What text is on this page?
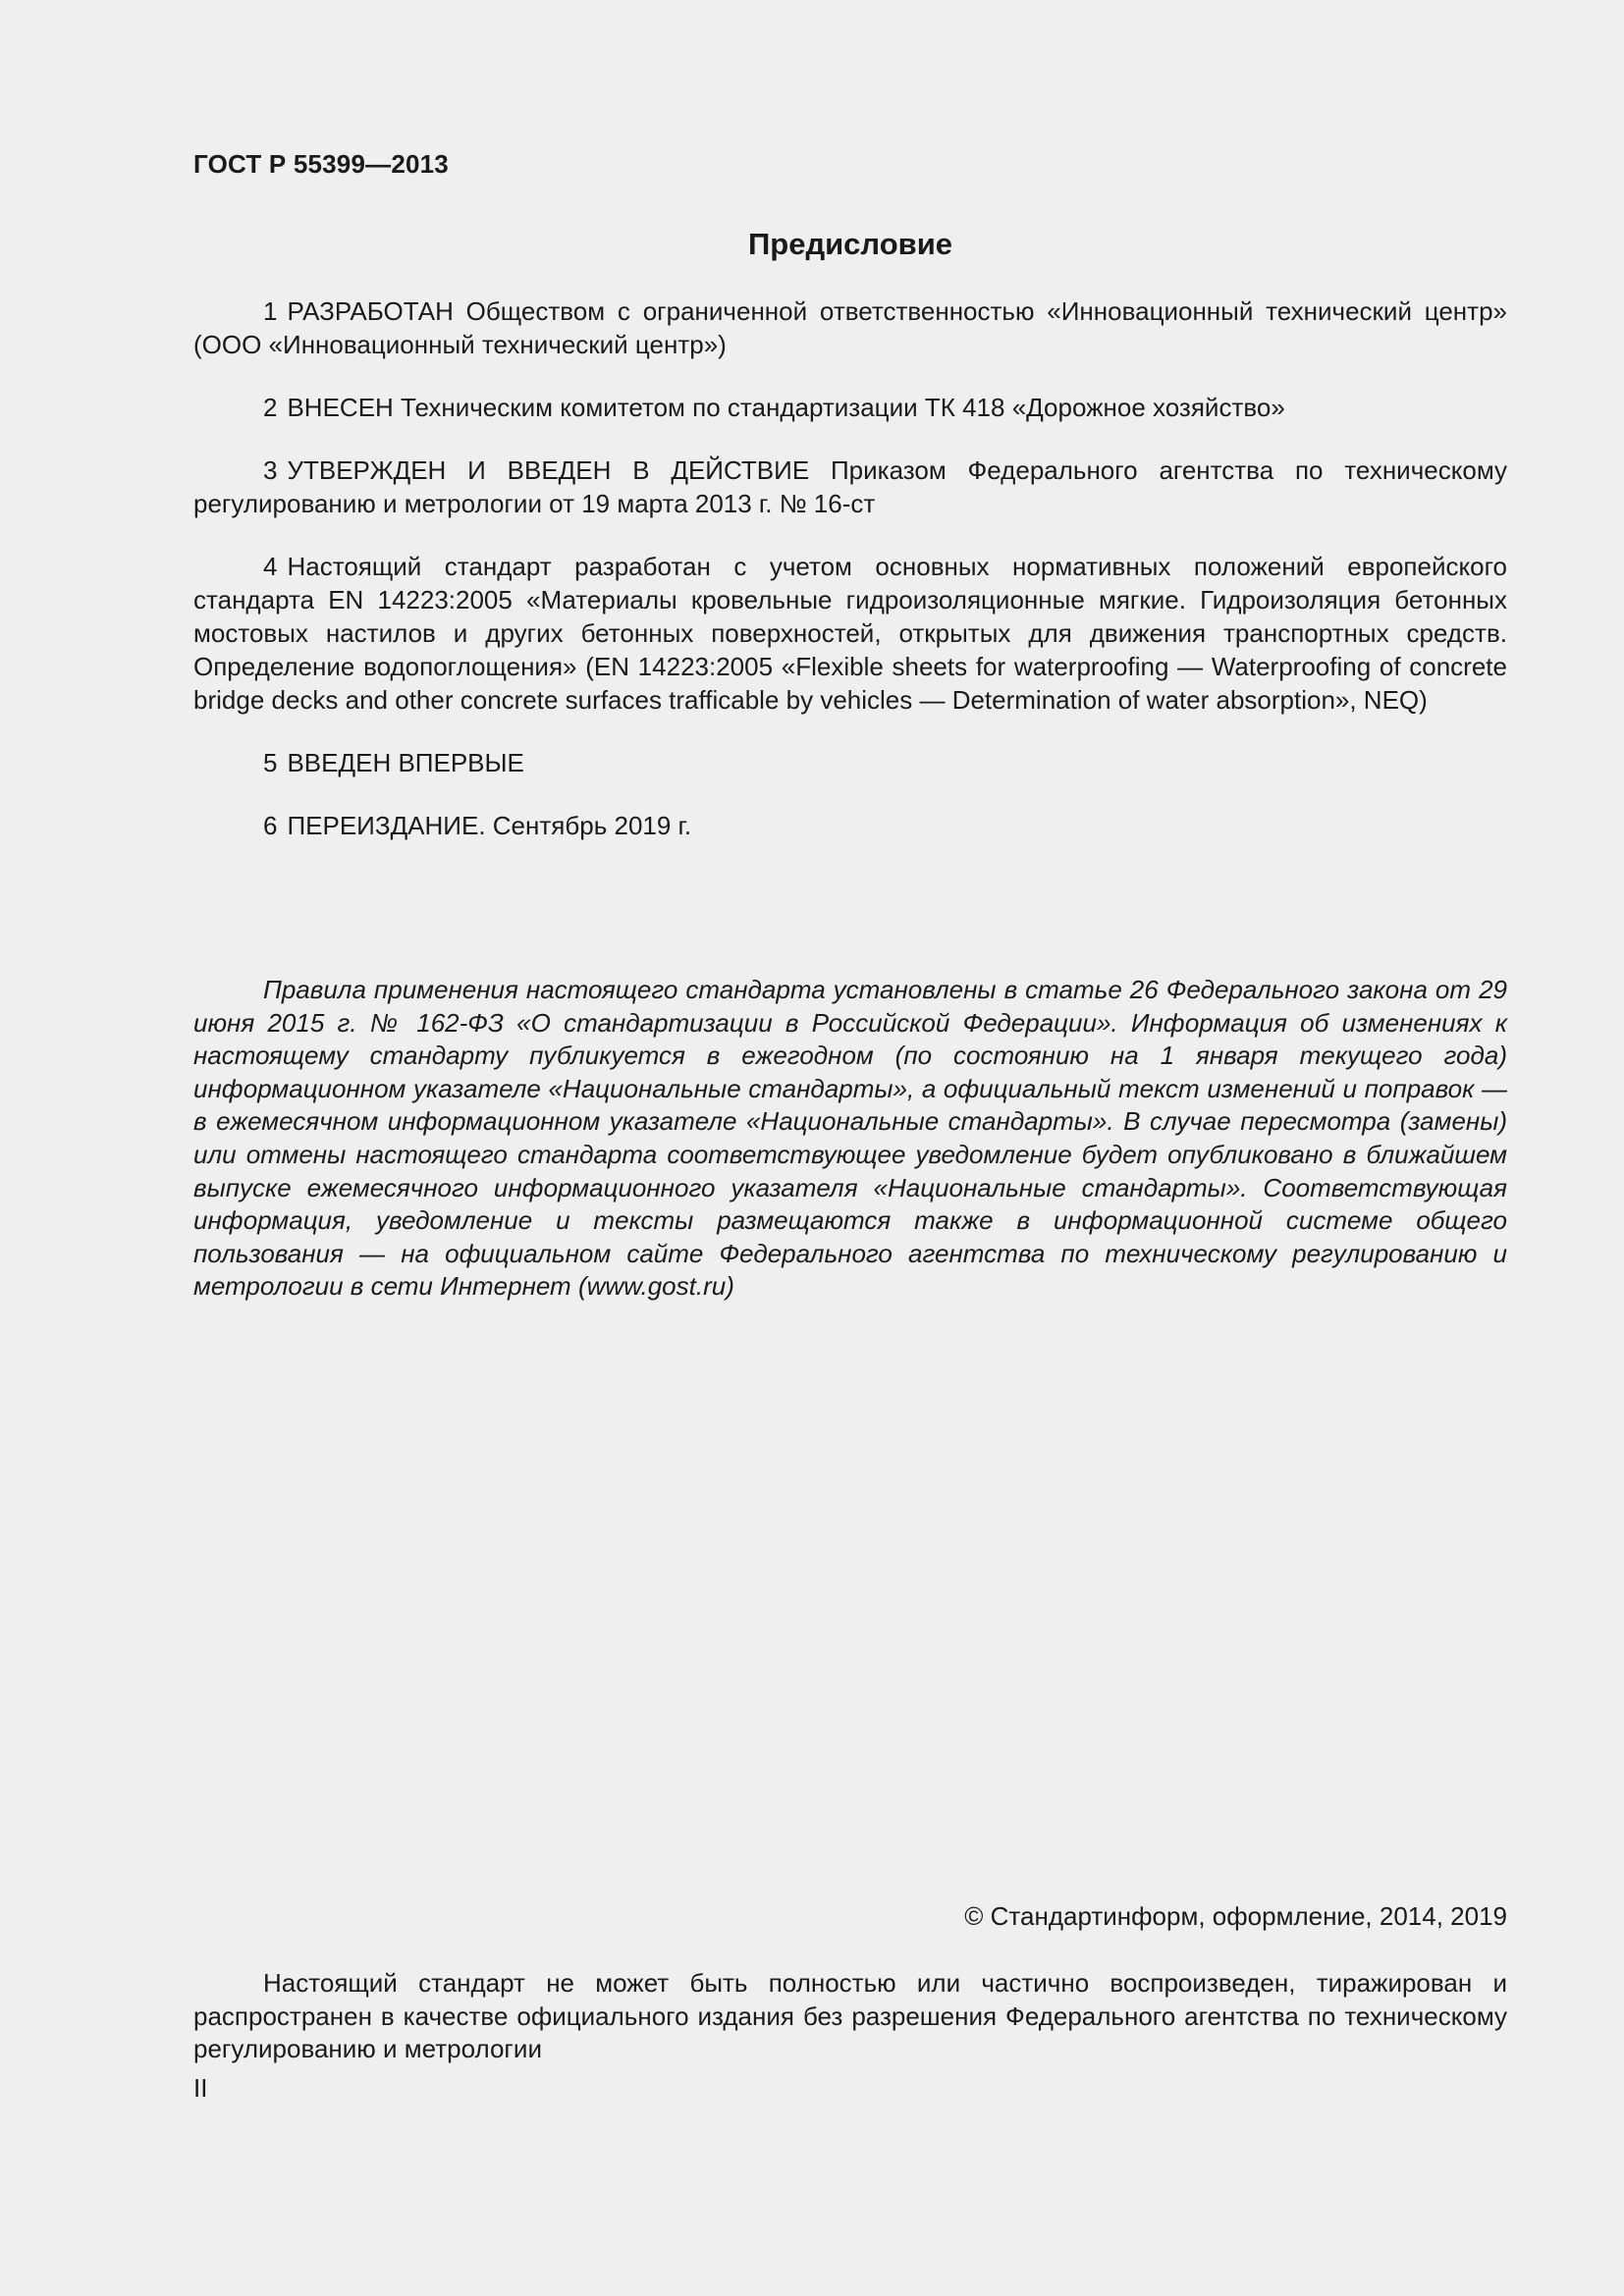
ГОСТ Р 55399—2013
Предисловие

1 РАЗРАБОТАН Обществом с ограниченной ответственностью «Инновационный технический центр» (ООО «Инновационный технический центр»)

2 ВНЕСЕН Техническим комитетом по стандартизации ТК 418 «Дорожное хозяйство»

3 УТВЕРЖДЕН И ВВЕДЕН В ДЕЙСТВИЕ Приказом Федерального агентства по техническому регулированию и метрологии от 19 марта 2013 г. № 16-ст

4 Настоящий стандарт разработан с учетом основных нормативных положений европейского стандарта EN 14223:2005 «Материалы кровельные гидроизоляционные мягкие. Гидроизоляция бетонных мостовых настилов и других бетонных поверхностей, открытых для движения транспортных средств. Определение водопоглощения» (EN 14223:2005 «Flexible sheets for waterproofing — Waterproofing of concrete bridge decks and other concrete surfaces trafficable by vehicles — Determination of water absorption», NEQ)

5 ВВЕДЕН ВПЕРВЫЕ

6 ПЕРЕИЗДАНИЕ. Сентябрь 2019 г.

Правила применения настоящего стандарта установлены в статье 26 Федерального закона от 29 июня 2015 г. № 162-ФЗ «О стандартизации в Российской Федерации». Информация об изменениях к настоящему стандарту публикуется в ежегодном (по состоянию на 1 января текущего года) информационном указателе «Национальные стандарты», а официальный текст изменений и поправок — в ежемесячном информационном указателе «Национальные стандарты». В случае пересмотра (замены) или отмены настоящего стандарта соответствующее уведомление будет опубликовано в ближайшем выпуске ежемесячного информационного указателя «Национальные стандарты». Соответствующая информация, уведомление и тексты размещаются также в информационной системе общего пользования — на официальном сайте Федерального агентства по техническому регулированию и метрологии в сети Интернет (www.gost.ru)

© Стандартинформ, оформление, 2014, 2019

Настоящий стандарт не может быть полностью или частично воспроизведен, тиражирован и распространен в качестве официального издания без разрешения Федерального агентства по техническому регулированию и метрологии

II
